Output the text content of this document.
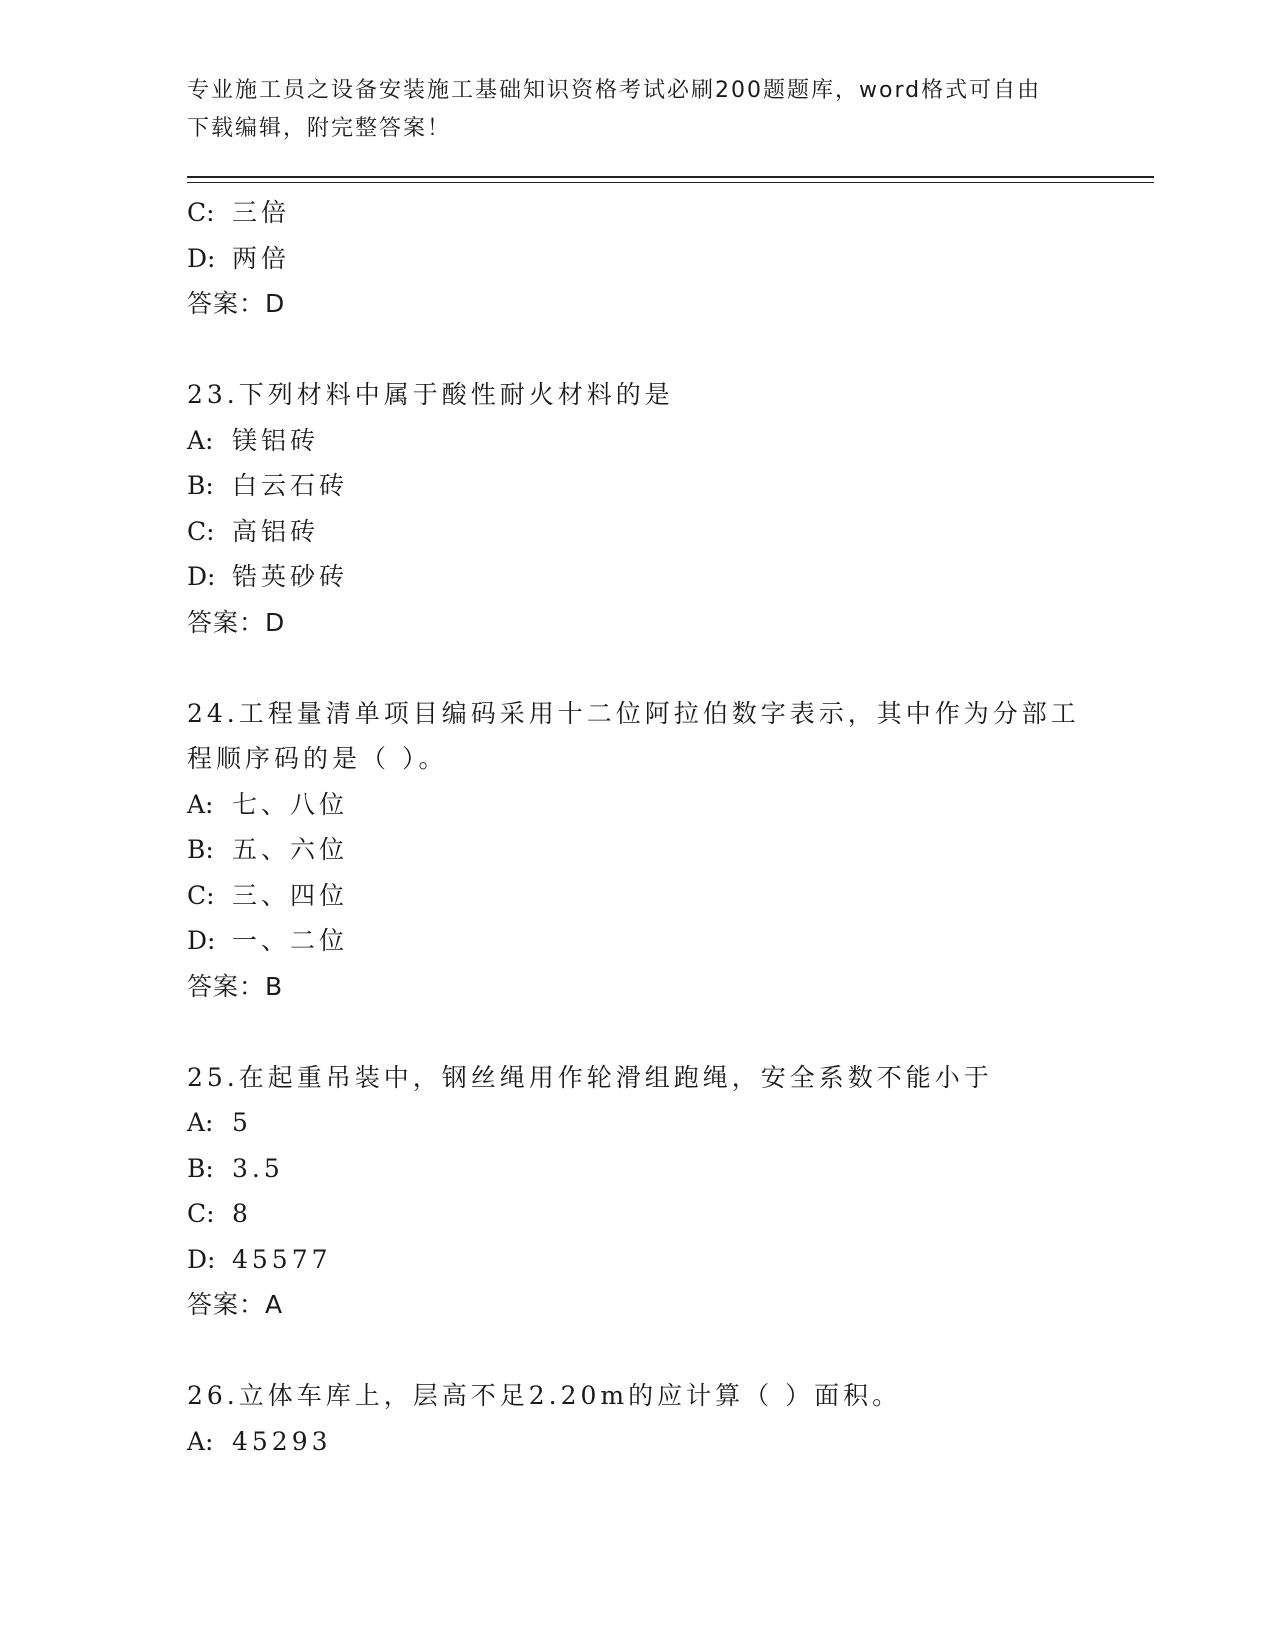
专业施工员之设备安装施工基础知识资格考试必刷200题题库，word格式可自由
下载编辑，附完整答案！
C: 三倍
D: 两倍
答案：D
23.下列材料中属于酸性耐火材料的是
A: 镁铝砖
B: 白云石砖
C: 高铝砖
D: 锆英砂砖
答案：D
24.工程量清单项目编码采用十二位阿拉伯数字表示，其中作为分部工
程顺序码的是（ ）。
A: 七、八位
B: 五、六位
C: 三、四位
D: 一、二位
答案：B
25.在起重吊装中，钢丝绳用作轮滑组跑绳，安全系数不能小于
A: 5
B: 3.5
C: 8
D: 45577
答案：A
26.立体车库上，层高不足2.20m的应计算（ ）面积。
A: 45293
